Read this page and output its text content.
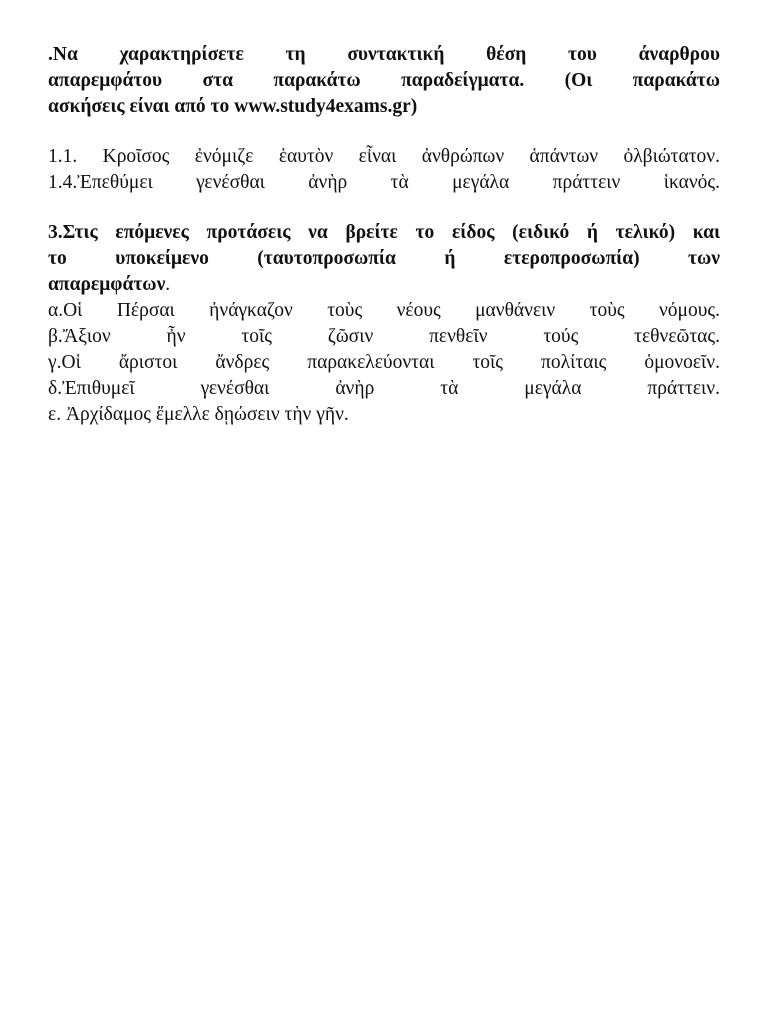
.Να χαρακτηρίσετε τη συντακτική θέση του άναρθρου

απαρεμφάτου στα παρακάτω παραδείγματα. (Οι παρακάτω

ασκήσεις είναι από το www.study4exams.gr)

1.1. Κροῖσος ἐνόμιζε ἑαυτὸν εἶναι ἀνθρώπων ἁπάντων ὀλβιώτατον.

1.4.Ἐπεθύμει γενέσθαι ἀνὴρ τὰ μεγάλα πράττειν ἱκανός.

3.Στις επόμενες προτάσεις να βρείτε το είδος (ειδικό ή τελικό) και

το υποκείμενο (ταυτοπροσωπία ή ετεροπροσωπία) των

απαρεμφάτων.

α.Οἱ Πέρσαι ἠνάγκαζον τοὺς νέους μανθάνειν τοὺς νόμους.

β.Ἄξιον ἦν τοῖς ζῶσιν πενθεῖν τούς τεθνεῶτας.

γ.Οἱ ἄριστοι ἄνδρες παρακελεύονται τοῖς πολίταις ὁμονοεῖν.

δ.Ἐπιθυμεῖ γενέσθαι ἀνὴρ τὰ μεγάλα πράττειν.

ε. Ἀρχίδαμος ἔμελλε δῃώσειν τὴν γῆν.
